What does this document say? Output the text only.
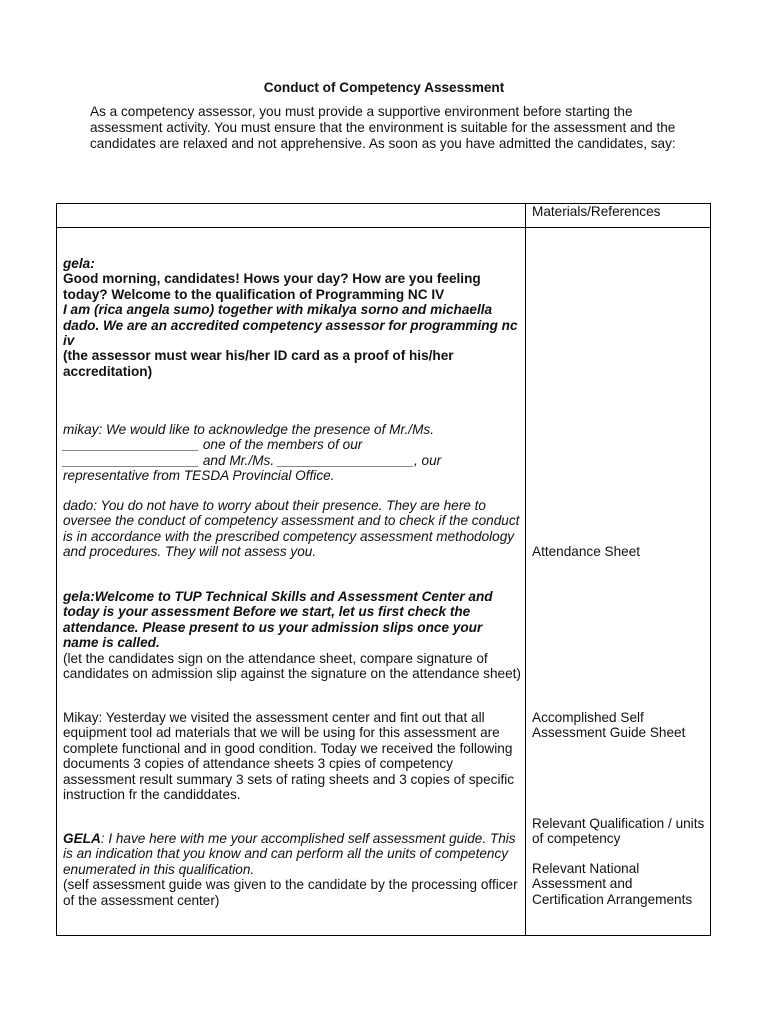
Conduct of Competency Assessment

As a competency assessor, you must provide a supportive environment before starting the assessment activity. You must ensure that the environment is suitable for the assessment and the candidates are relaxed and not apprehensive. As soon as you have admitted the candidates, say:

Materials/References

gela:

Good morning, candidates! Hows your day? How are you feeling today? Welcome to the qualification of Programming NC IV

I am (rica angela sumo) together with mikalya sorno and michaella dado. We are an accredited competency assessor for programming nc iv

(the assessor must wear his/her ID card as a proof of his/her accreditation)

mikay: We would like to acknowledge the presence of Mr./Ms.

__________________ one of the members of our

__________________ and Mr./Ms. __________________, our

representative from TESDA Provincial Office.

dado: You do not have to worry about their presence. They are here to oversee the conduct of competency assessment and to check if the conduct is in accordance with the prescribed competency assessment methodology and procedures. They will not assess you.

gela:Welcome to TUP Technical Skills and Assessment Center and today is your assessment Before we start, let us first check the attendance. Please present to us your admission slips once your name is called.

(let the candidates sign on the attendance sheet, compare signature of candidates on admission slip against the signature on the attendance sheet)

Mikay: Yesterday we visited the assessment center and fint out that all equipment tool ad materials that we will be using for this assessment are complete functional and in good condition. Today we received the following documents 3 copies of attendance sheets 3 cpies of competency assessment result summary 3 sets of rating sheets and 3 copies of specific instruction fr the candiddates.

GELA: I have here with me your accomplished self assessment guide. This is an indication that you know and can perform all the units of competency enumerated in this qualification.

(self assessment guide was given to the candidate by the processing officer of the assessment center)

Attendance Sheet

Accomplished Self Assessment Guide Sheet

Relevant Qualification / units of competency

Relevant National Assessment and Certification Arrangements
